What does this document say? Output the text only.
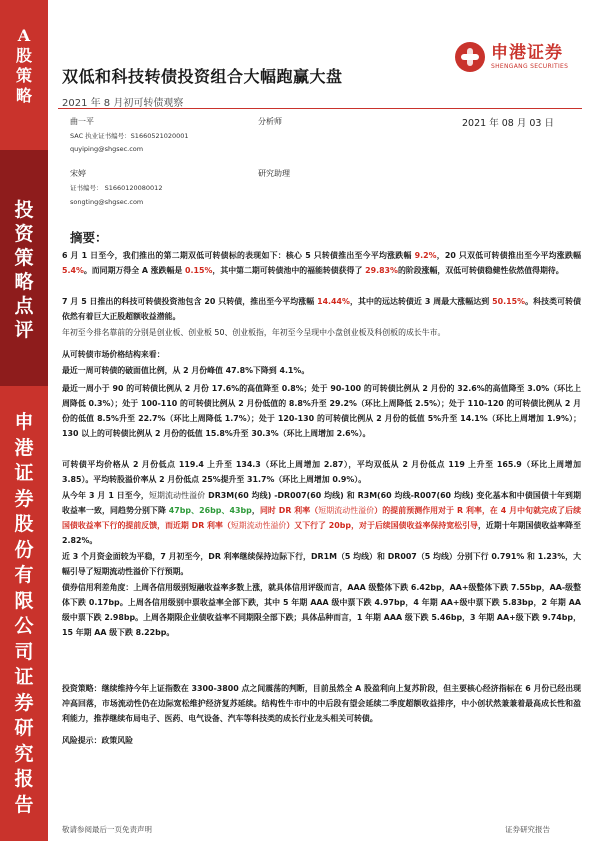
A
股
策
略
投
资
策
略
点
评
申
港
证
券
股
份
有
限
公
司
证
券
研
究
报
告
双低和科技转债投资组合大幅跑赢大盘
2021 年 8 月初可转债观察
申港证券
SHENGANG SECURITIES
曲一平	分析师	2021 年 08 月 03 日
SAC 执业证书编号：S1660521020001
quyiping@shgsec.com
宋婷	研究助理
证书编号： S1660120080012
songting@shgsec.com
摘要：
6 月 1 日至今，我们推出的第二期双低可转债标的表现如下：核心 5 只转债推出至今平均涨跌幅 9.2%，20 只双低可转债推出至今平均涨跌幅 5.4%。而同期万得全 A 涨跌幅是 0.15%，其中第二期可转债池中的福能转债获得了 29.83%的阶段涨幅，双低可转债稳健性依然值得期待。
7 月 5 日推出的科技可转债投资池包含 20 只转债，推出至今平均涨幅 14.44%，其中的远达转债近 3 周最大涨幅达到 50.15%。科技类可转债依然有着巨大正股超额收益潜能。
年初至今排名靠前的分别是创业板、创业板 50、创业板指，年初至今呈现中小盘创业板及科创板的成长牛市。
从可转债市场价格结构来看：
最近一周可转债的破面值比例，从 2 月份峰值 47.8%下降到 4.1%。
最近一周小于 90 的可转债比例从 2 月份 17.6%的高值降至 0.8%；处于 90-100 的可转债比例从 2 月份的 32.6%的高值降至 3.0%（环比上周降低 0.3%）；处于 100-110 的可转债比例从 2 月份低值的 8.8%升至 29.2%（环比上周降低 2.5%）；处于 110-120 的可转债比例从 2 月份的低值 8.5%升至 22.7%（环比上周降低 1.7%）；处于 120-130 的可转债比例从 2 月份的低值 5%升至 14.1%（环比上周增加 1.9%）；130 以上的可转债比例从 2 月份的低值 15.8%升至 30.3%（环比上周增加 2.6%）。
可转债平均价格从 2 月份低点 119.4 上升至 134.3（环比上周增加 2.87），平均双低从 2 月份低点 119 上升至 165.9（环比上周增加 3.85）。平均转股溢价率从 2 月份低点 25%提升至 31.7%（环比上周增加 0.9%）。
从今年 3 月 1 日至今，短期流动性溢价 DR3M(60 均线) -DR007(60 均线) 和 R3M(60 均线-R007(60 均线) 变化基本和中债国债十年到期收益率一致，同趋势分别下降 47bp、26bp、43bp，同时 DR 利率（短期流动性溢价）的提前预测作用对于 R 利率，在 4 月中旬就完成了后续国债收益率下行的提前反馈，而近期 DR 利率（短期流动性溢价）又下行了 20bp，对于后续国债收益率保持宽松引导，近期十年期国债收益率降至 2.82%。
近 3 个月资金面较为平稳，7 月初至今，DR 利率继续保持边际下行，DR1M（5 均线）和 DR007（5 均线）分别下行 0.791% 和 1.23%，大幅引导了短期流动性溢价下行预期。
债券信用利差角度：上周各信用级别短融收益率多数上涨，就具体信用评级而言，AAA 级整体下跌 6.42bp，AA+级整体下跌 7.55bp，AA-级整体下跌 0.17bp。上周各信用级别中票收益率全部下跌，其中 5 年期 AAA 级中票下跌 4.97bp，4 年期 AA+级中票下跌 5.83bp，2 年期 AA 级中票下跌 2.98bp。上周各期限企业债收益率不同期限全部下跌；具体品种而言，1 年期 AAA 级下跌 5.46bp，3 年期 AA+级下跌 9.74bp，15 年期 AA 级下跌 8.22bp。
投资策略：继续维持今年上证指数在 3300-3800 点之间震荡的判断，目前虽然全 A 股盈利向上复苏阶段，但主要核心经济指标在 6 月份已经出现冲高回落，市场流动性仍在边际宽松维护经济复苏延续。结构性牛市中的中后段有望会延续二季度超额收益排序，中小创状然兼兼着最高成长性和盈利能力，推荐继续布局电子、医药、电气设备、汽车等科技类的成长行业龙头相关可转债。
风险提示：政策风险
敬请参阅最后一页免责声明	证券研究报告
